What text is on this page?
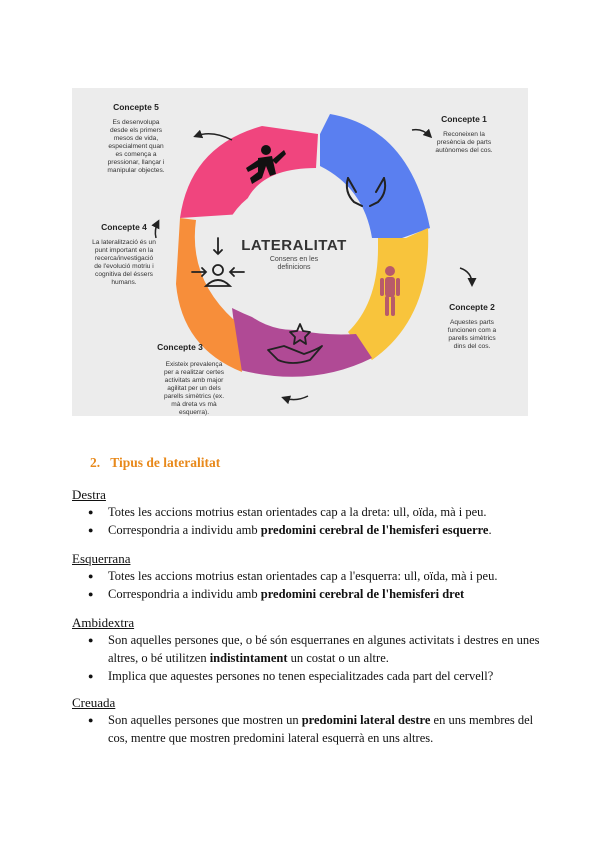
LATERALITAT
Consens en les
definicions
Concepte 1
Reconeixen la
presència de parts
autònomes del cos.
Concepte 2
Aquestes parts
funcionen com a
parells simètrics
dins del cos.
Concepte 3
Existeix prevalença
per a realitzar certes
activitats amb major
agilitat per un dels
parells simètrics (ex.
mà dreta vs mà
esquerra).
Concepte 4
La lateralització és un
punt important en la
recerca/investigació
de l'evolució motriu i
cognitiva del éssers
humans.
Concepte 5
Es desenvolupa
desde els primers
mesos de vida,
especialment quan
es comença a
pressionar, llançar i
manipular objectes.
2. Tipus de lateralitat
Destra
● Totes les accions motrius estan orientades cap a la dreta: ull, oïda, mà i peu.
● Correspondria a individu amb predomini cerebral de l'hemisferi esquerre.
Esquerrana
● Totes les accions motrius estan orientades cap a l'esquerra: ull, oïda, mà i peu.
● Correspondria a individu amb predomini cerebral de l'hemisferi dret
Ambidextra
● Son aquelles persones que, o bé són esquerranes en algunes activitats i destres en unes altres, o bé utilitzen indistintament un costat o un altre.
● Implica que aquestes persones no tenen especialitzades cada part del cervell?
Creuada
● Son aquelles persones que mostren un predomini lateral destre en uns membres del cos, mentre que mostren predomini lateral esquerrà en uns altres.
